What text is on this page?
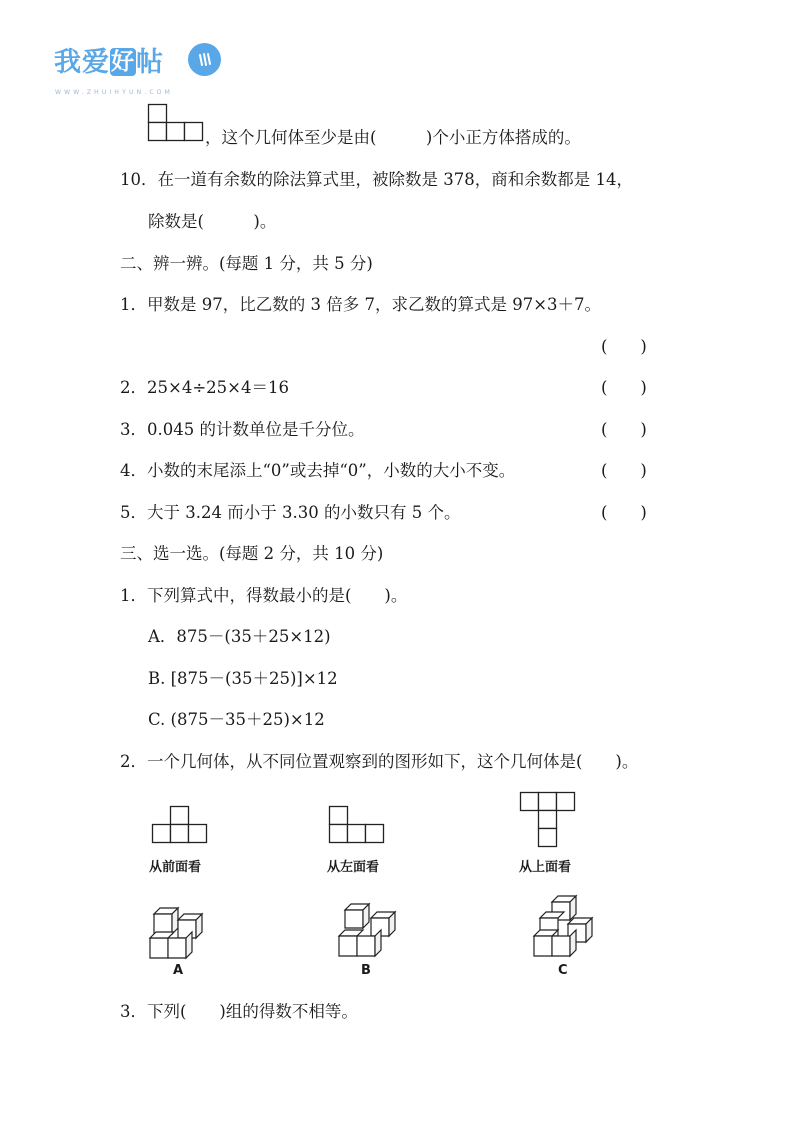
我爱好帖
WWW.ZHUIHYUN.COM
，这个几何体至少是由(　　　)个小正方体搭成的。
10．在一道有余数的除法算式里，被除数是 378，商和余数都是 14，
除数是(　　　)。
二、辨一辨。(每题 1 分，共 5 分)
1．甲数是 97，比乙数的 3 倍多 7，求乙数的算式是 97×3＋7。
(　　)
2．25×4÷25×4＝16	(　　)
3．0.045 的计数单位是千分位。	(　　)
4．小数的末尾添上“0”或去掉“0”，小数的大小不变。	(　　)
5．大于 3.24 而小于 3.30 的小数只有 5 个。	(　　)
三、选一选。(每题 2 分，共 10 分)
1．下列算式中，得数最小的是(　　)。
A．875－(35＋25×12)
B. [875－(35＋25)]×12
C. (875－35＋25)×12
2．一个几何体，从不同位置观察到的图形如下，这个几何体是(　　)。
从前面看	从左面看	从上面看
A	B	C
3．下列(　　)组的得数不相等。
